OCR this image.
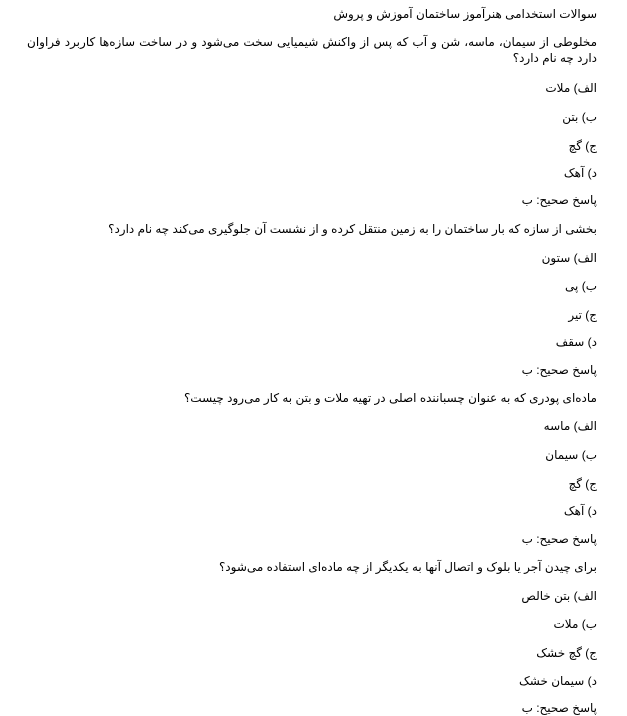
سوالات استخدامی هنرآموز ساختمان آموزش و پروش
مخلوطی از سیمان، ماسه، شن و آب که پس از واکنش شیمیایی سخت می‌شود و در ساخت سازه‌ها کاربرد فراوان دارد چه نام دارد؟
الف) ملات
ب) بتن
ج) گچ
د) آهک
پاسخ صحیح: ب
بخشی از سازه که بار ساختمان را به زمین منتقل کرده و از نشست آن جلوگیری می‌کند چه نام دارد؟
الف) ستون
ب) پی
ج) تیر
د) سقف
پاسخ صحیح: ب
ماده‌ای پودری که به عنوان چسباننده اصلی در تهیه ملات و بتن به کار می‌رود چیست؟
الف) ماسه
ب) سیمان
ج) گچ
د) آهک
پاسخ صحیح: ب
برای چیدن آجر یا بلوک و اتصال آنها به یکدیگر از چه ماده‌ای استفاده می‌شود؟
الف) بتن خالص
ب) ملات
ج) گچ خشک
د) سیمان خشک
پاسخ صحیح: ب
